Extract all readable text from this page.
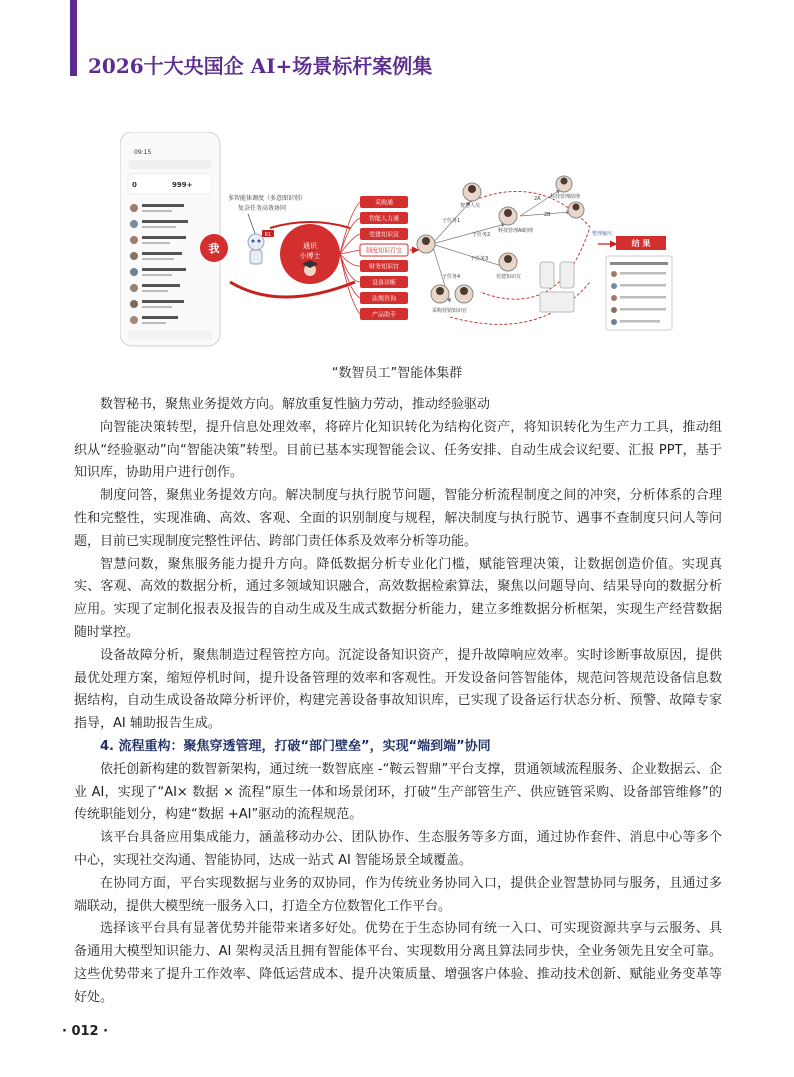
2026十大央国企 AI+场景标杆案例集
09:15
0	999+
我
多智能体调度（多意图识别）
复杂任务高效协同
R1
通识
小博士
采购通
智能人力通
党建知识宣
制度知识百宝
财务知识官
设备诊断
法规咨询
产品助手
智慧人员
科技管理AI助理
科技管理助理
党建知识宣
采购营销知识官
子任务1
子任务2
子任务3
子任务4
2A
2B
整理输出
结 果
“数智员工”智能体集群

数智秘书，聚焦业务提效方向。解放重复性脑力劳动，推动经验驱动

向智能决策转型，提升信息处理效率，将碎片化知识转化为结构化资产，将知识转化为生产力工具，推动组织从“经验驱动”向“智能决策”转型。目前已基本实现智能会议、任务安排、自动生成会议纪要、汇报 PPT，基于知识库，协助用户进行创作。

制度问答，聚焦业务提效方向。解决制度与执行脱节问题，智能分析流程制度之间的冲突，分析体系的合理性和完整性，实现准确、高效、客观、全面的识别制度与规程，解决制度与执行脱节、遇事不查制度只问人等问题，目前已实现制度完整性评估、跨部门责任体系及效率分析等功能。

智慧问数，聚焦服务能力提升方向。降低数据分析专业化门槛，赋能管理决策，让数据创造价值。实现真实、客观、高效的数据分析，通过多领域知识融合，高效数据检索算法，聚焦以问题导向、结果导向的数据分析应用。实现了定制化报表及报告的自动生成及生成式数据分析能力，建立多维数据分析框架，实现生产经营数据随时掌控。

设备故障分析，聚焦制造过程管控方向。沉淀设备知识资产，提升故障响应效率。实时诊断事故原因，提供最优处理方案，缩短停机时间，提升设备管理的效率和客观性。开发设备问答智能体，规范问答规范设备信息数据结构，自动生成设备故障分析评价，构建完善设备事故知识库，已实现了设备运行状态分析、预警、故障专家指导，AI 辅助报告生成。

4. 流程重构：聚焦穿透管理，打破“部门壁垒”，实现“端到端”协同

依托创新构建的数智新架构，通过统一数智底座 -“鞍云智鼎”平台支撑，贯通领域流程服务、企业数据云、企业 AI，实现了“AI× 数据 × 流程”原生一体和场景闭环，打破“生产部管生产、供应链管采购、设备部管维修”的传统职能划分，构建“数据 +AI”驱动的流程规范。

该平台具备应用集成能力，涵盖移动办公、团队协作、生态服务等多方面，通过协作套件、消息中心等多个中心，实现社交沟通、智能协同，达成一站式 AI 智能场景全域覆盖。

在协同方面，平台实现数据与业务的双协同，作为传统业务协同入口，提供企业智慧协同与服务，且通过多端联动，提供大模型统一服务入口，打造全方位数智化工作平台。

选择该平台具有显著优势并能带来诸多好处。优势在于生态协同有统一入口、可实现资源共享与云服务、具备通用大模型知识能力、AI 架构灵活且拥有智能体平台、实现数用分离且算法同步快，全业务领先且安全可靠。这些优势带来了提升工作效率、降低运营成本、提升决策质量、增强客户体验、推动技术创新、赋能业务变革等好处。

· 012 ·
